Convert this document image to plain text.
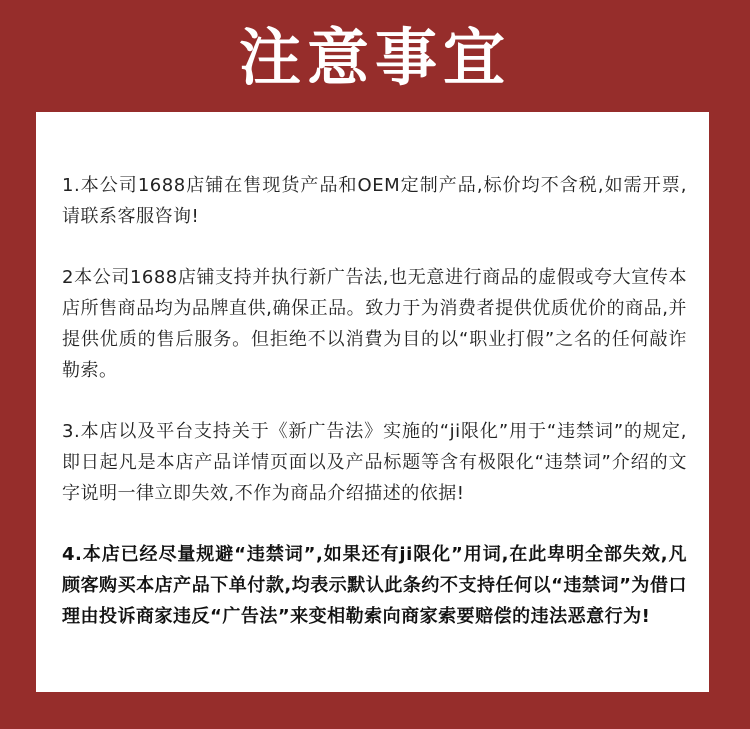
注意事宜

1.本公司1688店铺在售现货产品和OEM定制产品,标价均不含税,如需开票,请联系客服咨询!

2本公司1688店铺支持并执行新广告法,也无意进行商品的虚假或夸大宣传本店所售商品均为品牌直供,确保正品。致力于为消费者提供优质优价的商品,并提供优质的售后服务。但拒绝不以消費为目的以“职业打假”之名的任何敲诈勒索。

3.本店以及平台支持关于《新广告法》实施的“ji限化”用于“违禁词”的规定,即日起凡是本店产品详情页面以及产品标题等含有极限化“违禁词”介绍的文字说明一律立即失效,不作为商品介绍描述的依据!

4.本店已经尽量规避“违禁词”,如果还有ji限化”用词,在此卑明全部失效,凡顾客购买本店产品下单付款,均表示默认此条约不支持任何以“违禁词”为借口理由投诉商家违反“广告法”来变相勒索向商家索要赔偿的违法恶意行为!
